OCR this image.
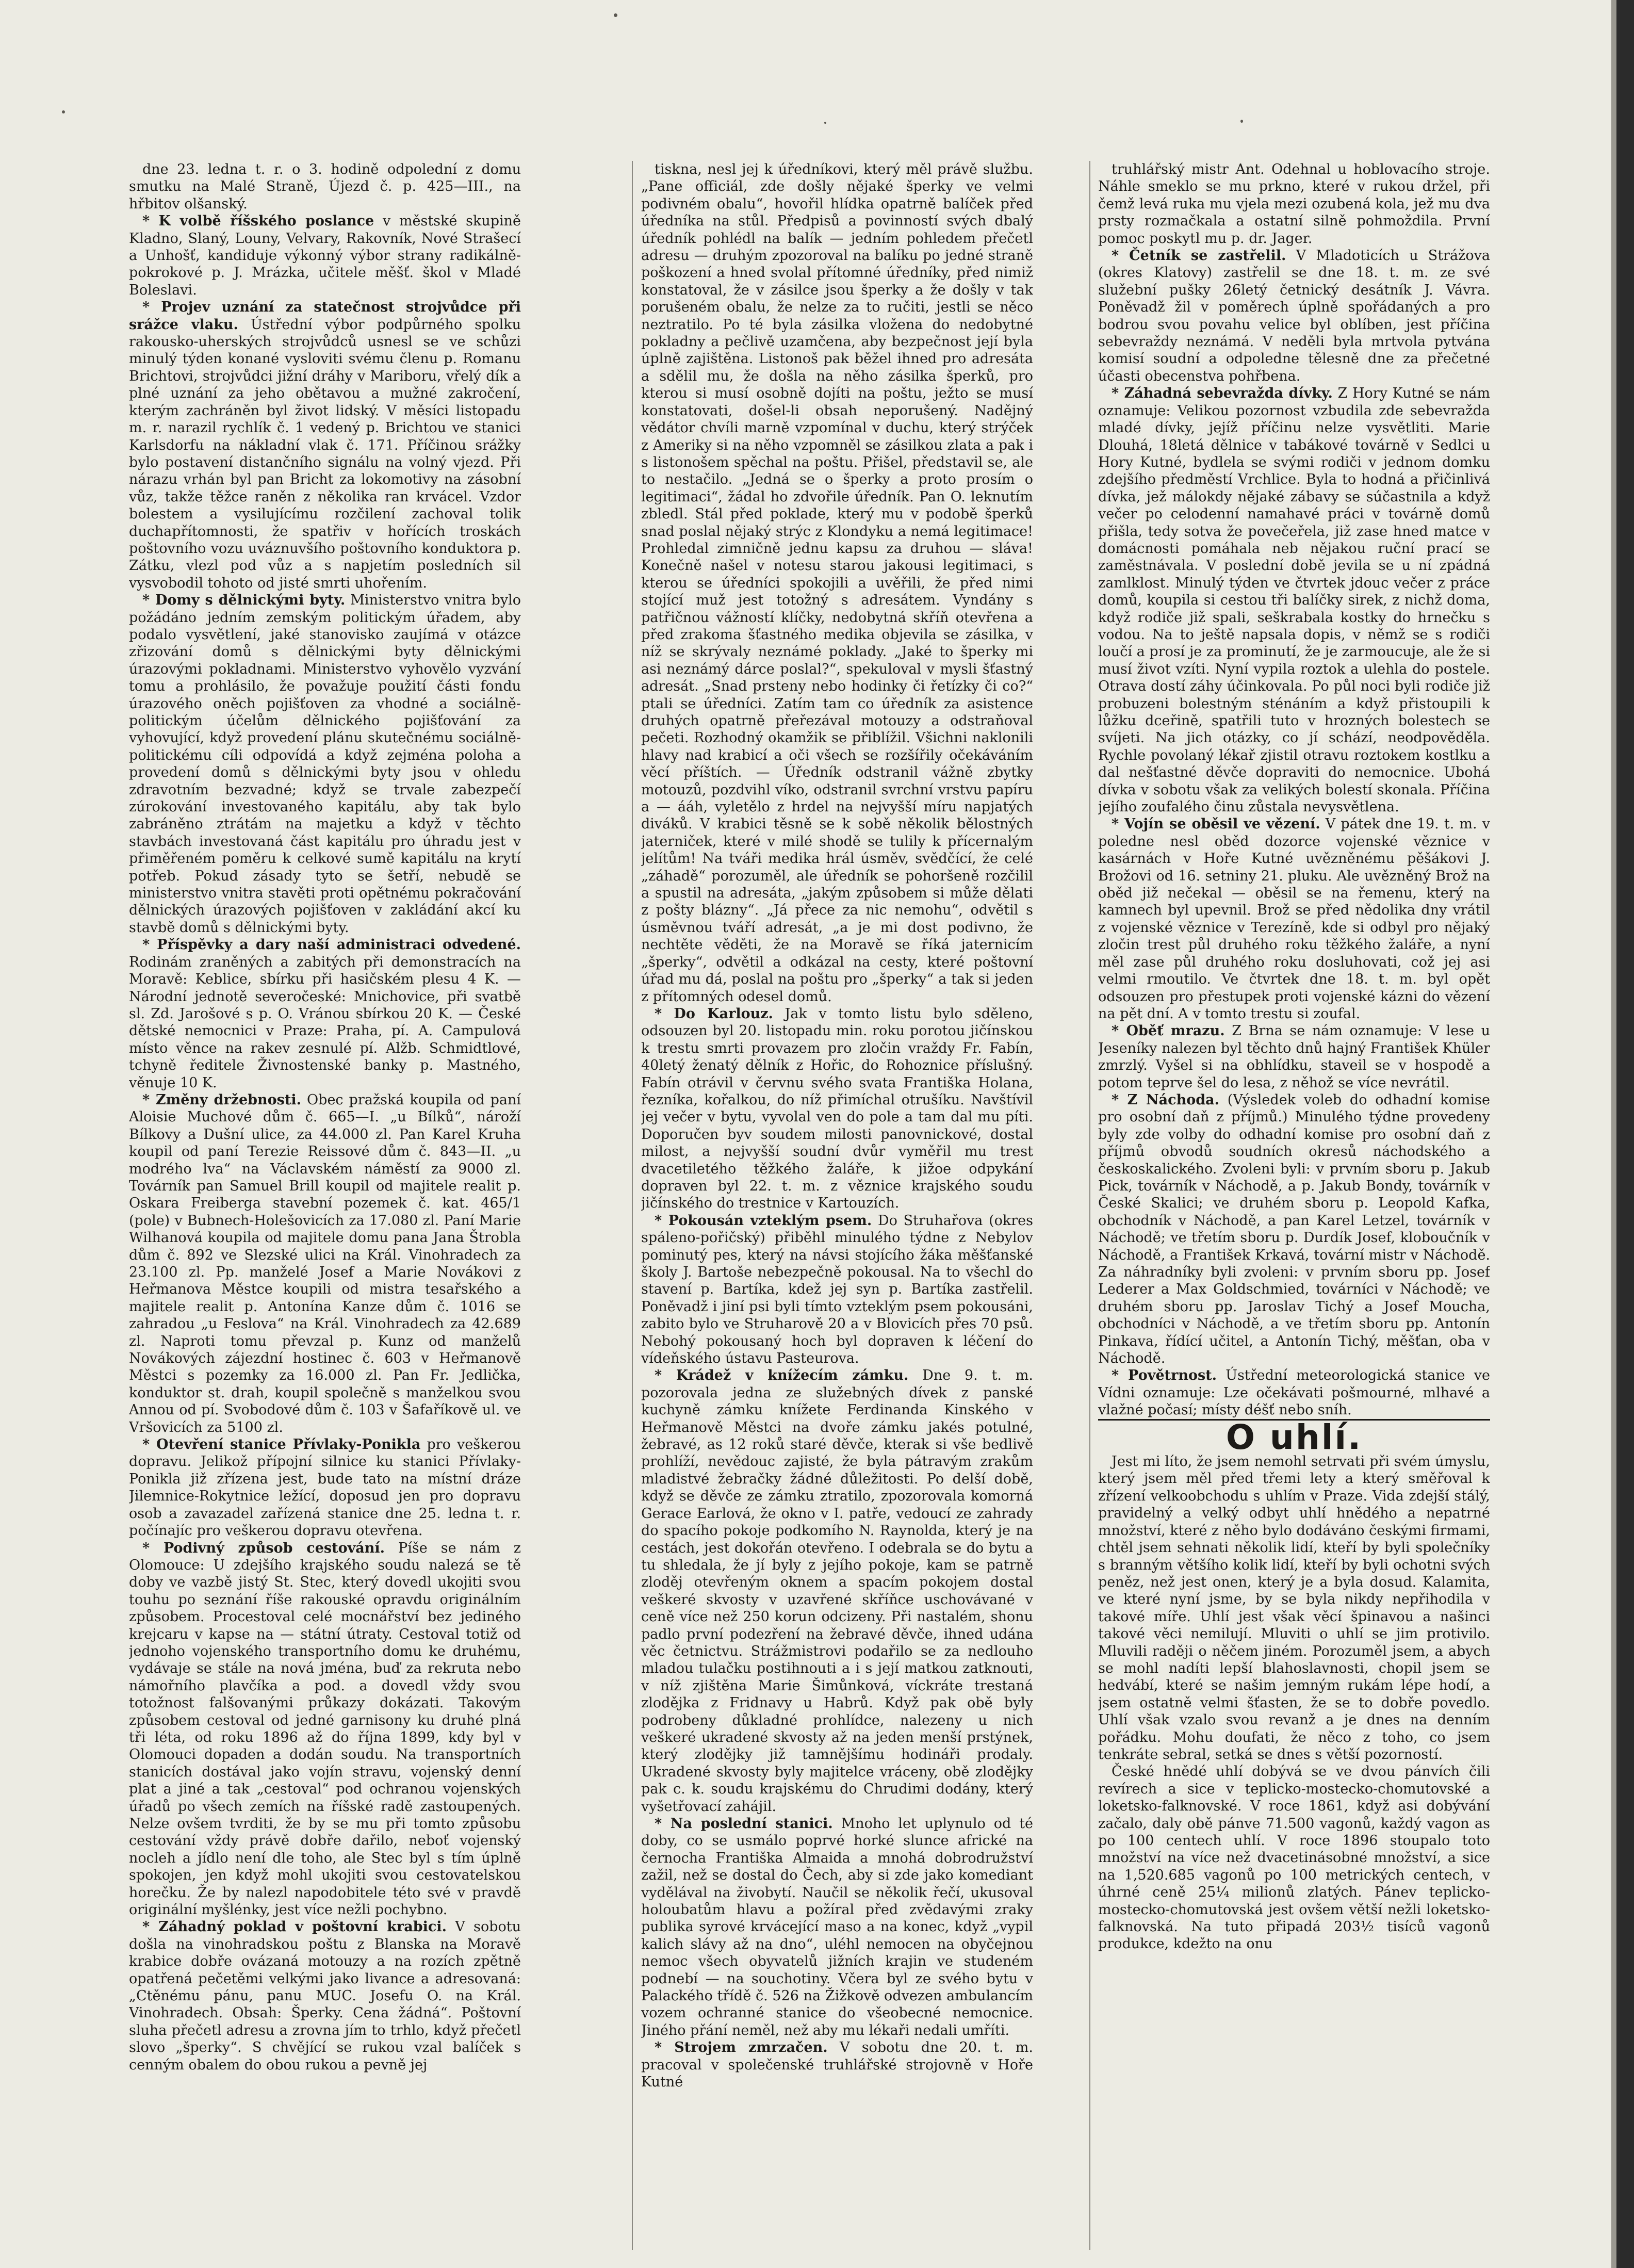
dne 23. ledna t. r. o 3. hodině odpolední z domu smutku na Malé Straně, Újezd č. p. 425—III., na hřbitov olšanský.

* K volbě říšského poslance v městské skupině Kladno, Slaný, Louny, Velvary, Rakovník, Nové Strašecí a Unhošť, kandiduje výkonný výbor strany radikálně-pokrokové p. J. Mrázka, učitele měšť. škol v Mladé Boleslavi.

* Projev uznání za statečnost strojvůdce při srážce vlaku. Ústřední výbor podpůrného spolku rakousko-uherských strojvůdců usnesl se ve schůzi minulý týden konané vysloviti svému členu p. Romanu Brichtovi, strojvůdci jižní dráhy v Mariboru, vřelý dík a plné uznání za jeho obětavou a mužné zakročení, kterým zachráněn byl život lidský. V měsíci listopadu m. r. narazil rychlík č. 1 vedený p. Brichtou ve stanici Karlsdorfu na nákladní vlak č. 171. Příčinou srážky bylo postavení distančního signálu na volný vjezd. Při nárazu vrhán byl pan Bricht za lokomotivy na zásobní vůz, takže těžce raněn z několika ran krvácel. Vzdor bolestem a vysilujícímu rozčilení zachoval tolik duchapřítomnosti, že spatřiv v hořících troskách poštovního vozu uváznuvšího poštovního konduktora p. Zátku, vlezl pod vůz a s napjetím posledních sil vysvobodil tohoto od jisté smrti uhořením.

* Domy s dělnickými byty. Ministerstvo vnitra bylo požádáno jedním zemským politickým úřadem, aby podalo vysvětlení, jaké stanovisko zaujímá v otázce zřizování domů s dělnickými byty dělnickými úrazovými pokladnami. Ministerstvo vyhovělo vyzvání tomu a prohlásilo, že považuje použití části fondu úrazového oněch pojišťoven za vhodné a sociálně-politickým účelům dělnického pojišťování za vyhovující, když provedení plánu skutečnému sociálně-politickému cíli odpovídá a když zejména poloha a provedení domů s dělnickými byty jsou v ohledu zdravotním bezvadné; když se trvale zabezpečí zúrokování investovaného kapitálu, aby tak bylo zabráněno ztrátám na majetku a když v těchto stavbách investovaná část kapitálu pro úhradu jest v přiměřeném poměru k celkové sumě kapitálu na krytí potřeb. Pokud zásady tyto se šetří, nebudě se ministerstvo vnitra stavěti proti opětnému pokračování dělnických úrazových pojišťoven v zakládání akcí ku stavbě domů s dělnickými byty.

* Příspěvky a dary naší administraci odvedené. Rodinám zraněných a zabitých při demonstracích na Moravě: Keblice, sbírku při hasičském plesu 4 K. — Národní jednotě severočeské: Mnichovice, při svatbě sl. Zd. Jarošové s p. O. Vránou sbírkou 20 K. — České dětské nemocnici v Praze: Praha, pí. A. Campulová místo věnce na rakev zesnulé pí. Alžb. Schmidtlové, tchyně ředitele Živnostenské banky p. Mastného, věnuje 10 K.

* Změny držebnosti. Obec pražská koupila od paní Aloisie Muchové dům č. 665—I. „u Bílků“, nároží Bílkovy a Dušní ulice, za 44.000 zl. Pan Karel Kruha koupil od paní Terezie Reissové dům č. 843—II. „u modrého lva“ na Václavském náměstí za 9000 zl. Továrník pan Samuel Brill koupil od majitele realit p. Oskara Freiberga stavební pozemek č. kat. 465/1 (pole) v Bubnech-Holešovicích za 17.080 zl. Paní Marie Wilhanová koupila od majitele domu pana Jana Štrobla dům č. 892 ve Slezské ulici na Král. Vinohradech za 23.100 zl. Pp. manželé Josef a Marie Novákovi z Heřmanova Městce koupili od mistra tesařského a majitele realit p. Antonína Kanze dům č. 1016 se zahradou „u Feslova“ na Král. Vinohradech za 42.689 zl. Naproti tomu převzal p. Kunz od manželů Novákových zájezdní hostinec č. 603 v Heřmanově Městci s pozemky za 16.000 zl. Pan Fr. Jedlička, konduktor st. drah, koupil společně s manželkou svou Annou od pí. Svobodové dům č. 103 v Šafaříkově ul. ve Vršovicích za 5100 zl.

* Otevření stanice Přívlaky-Ponikla pro veškerou dopravu. Jelikož přípojní silnice ku stanici Přívlaky-Ponikla již zřízena jest, bude tato na místní dráze Jilemnice-Rokytnice ležící, doposud jen pro dopravu osob a zavazadel zařízená stanice dne 25. ledna t. r. počínajíc pro veškerou dopravu otevřena.

* Podivný způsob cestování. Píše se nám z Olomouce: U zdejšího krajského soudu nalezá se tě doby ve vazbě jistý St. Stec, který dovedl ukojiti svou touhu po seznání říše rakouské opravdu originálním způsobem. Procestoval celé mocnářství bez jediného krejcaru v kapse na — státní útraty. Cestoval totiž od jednoho vojenského transportního domu ke druhému, vydávaje se stále na nová jména, buď za rekruta nebo námořního plavčíka a pod. a dovedl vždy svou totožnost falšovanými průkazy dokázati. Takovým způsobem cestoval od jedné garnisony ku druhé plná tři léta, od roku 1896 až do října 1899, kdy byl v Olomouci dopaden a dodán soudu. Na transportních stanicích dostával jako vojín stravu, vojenský denní plat a jiné a tak „cestoval“ pod ochranou vojenských úřadů po všech zemích na říšské radě zastoupených. Nelze ovšem tvrditi, že by se mu při tomto způsobu cestování vždy právě dobře dařilo, neboť vojenský nocleh a jídlo není dle toho, ale Stec byl s tím úplně spokojen, jen když mohl ukojiti svou cestovatelskou horečku. Že by nalezl napodobitele této své v pravdě originální myšlénky, jest více nežli pochybno.

* Záhadný poklad v poštovní krabici. V sobotu došla na vinohradskou poštu z Blanska na Moravě krabice dobře ovázaná motouzy a na rozích zpětně opatřená pečetěmi velkými jako livance a adresovaná: „Ctěnému pánu, panu MUC. Josefu O. na Král. Vinohradech. Obsah: Šperky. Cena žádná“. Poštovní sluha přečetl adresu a zrovna jím to trhlo, když přečetl slovo „šperky“. S chvějící se rukou vzal balíček s cenným obalem do obou rukou a pevně jej

tiskna, nesl jej k úředníkovi, který měl právě službu. „Pane officiál, zde došly nějaké šperky ve velmi podivném obalu“, hovořil hlídka opatrně balíček před úředníka na stůl. Předpisů a povinností svých dbalý úředník pohlédl na balík — jedním pohledem přečetl adresu — druhým zpozoroval na balíku po jedné straně poškození a hned svolal přítomné úředníky, před nimiž konstatoval, že v zásilce jsou šperky a že došly v tak porušeném obalu, že nelze za to ručiti, jestli se něco neztratilo. Po té byla zásilka vložena do nedobytné pokladny a pečlivě uzamčena, aby bezpečnost její byla úplně zajištěna. Listonoš pak běžel ihned pro adresáta a sdělil mu, že došla na něho zásilka šperků, pro kterou si musí osobně dojíti na poštu, ježto se musí konstatovati, došel-li obsah neporušený. Nadějný vědátor chvíli marně vzpomínal v duchu, který strýček z Ameriky si na něho vzpomněl se zásilkou zlata a pak i s listonošem spěchal na poštu. Přišel, představil se, ale to nestačilo. „Jedná se o šperky a proto prosím o legitimaci“, žádal ho zdvořile úředník. Pan O. leknutím zbledl. Stál před poklade, který mu v podobě šperků snad poslal nějaký strýc z Klondyku a nemá legitimace! Prohledal zimničně jednu kapsu za druhou — sláva! Konečně našel v notesu starou jakousi legitimaci, s kterou se úředníci spokojili a uvěřili, že před nimi stojící muž jest totožný s adresátem. Vyndány s patřičnou vážností klíčky, nedobytná skříň otevřena a před zrakoma šťastného medika objevila se zásilka, v níž se skrývaly neznámé poklady. „Jaké to šperky mi asi neznámý dárce poslal?“, spekuloval v mysli šťastný adresát. „Snad prsteny nebo hodinky či řetízky či co?“ ptali se úředníci. Zatím tam co úředník za asistence druhých opatrně přeřezával motouzy a odstraňoval pečeti. Rozhodný okamžik se přiblížil. Všichni naklonili hlavy nad krabicí a oči všech se rozšířily očekáváním věcí příštích. — Úředník odstranil vážně zbytky motouzů, pozdvihl víko, odstranil svrchní vrstvu papíru a — ááh, vyletělo z hrdel na nejvyšší míru napjatých diváků. V krabici těsně se k sobě několik bělostných jaterniček, které v milé shodě se tulily k přícernalým jelítům! Na tváři medika hrál úsměv, svědčící, že celé „záhadě“ porozuměl, ale úředník se pohoršeně rozčilil a spustil na adresáta, „jakým způsobem si může dělati z pošty blázny“. „Já přece za nic nemohu“, odvětil s úsměvnou tváří adresát, „a je mi dost podivno, že nechtěte věděti, že na Moravě se říká jaternicím „šperky“, odvětil a odkázal na cesty, které poštovní úřad mu dá, poslal na poštu pro „šperky“ a tak si jeden z přítomných odesel domů.

* Do Karlouz. Jak v tomto listu bylo sděleno, odsouzen byl 20. listopadu min. roku porotou jičínskou k trestu smrti provazem pro zločin vraždy Fr. Fabín, 40letý ženatý dělník z Hořic, do Rohoznice příslušný. Fabín otrávil v červnu svého svata Františka Holana, řezníka, kořalkou, do níž přimíchal otrušíku. Navštívil jej večer v bytu, vyvolal ven do pole a tam dal mu píti. Doporučen byv soudem milosti panovnickové, dostal milost, a nejvyšší soudní dvůr vyměřil mu trest dvacetiletého těžkého žaláře, k jižoe odpykání dopraven byl 22. t. m. z věznice krajského soudu jičínského do trestnice v Kartouzích.

* Pokousán vzteklým psem. Do Struhařova (okres spáleno-pořičský) přiběhl minulého týdne z Nebylov pominutý pes, který na návsi stojícího žáka měšťanské školy J. Bartoše nebezpečně pokousal. Na to všechl do stavení p. Bartíka, kdež jej syn p. Bartíka zastřelil. Poněvadž i jiní psi byli tímto vzteklým psem pokousáni, zabito bylo ve Struharově 20 a v Blovicích přes 70 psů. Nebohý pokousaný hoch byl dopraven k léčení do vídeňského ústavu Pasteurova.

* Krádež v knížecím zámku. Dne 9. t. m. pozorovala jedna ze služebných dívek z panské kuchyně zámku knížete Ferdinanda Kinského v Heřmanově Městci na dvoře zámku jakés potulné, žebravé, as 12 roků staré děvče, kterak si vše bedlivě prohlíží, nevědouc zajisté, že byla pátravým zrakům mladistvé žebračky žádné důležitosti. Po delší době, když se děvče ze zámku ztratilo, zpozorovala komorná Gerace Earlová, že okno v I. patře, vedoucí ze zahrady do spacího pokoje podkomího N. Raynolda, který je na cestách, jest dokořán otevřeno. I odebrala se do bytu a tu shledala, že jí byly z jejího pokoje, kam se patrně zloděj otevřeným oknem a spacím pokojem dostal veškeré skvosty v uzavřené skříňce uschovávané v ceně více než 250 korun odcizeny. Při nastalém, shonu padlo první podezření na žebravé děvče, ihned udána věc četnictvu. Strážmistrovi podařilo se za nedlouho mladou tulačku postihnouti a i s její matkou zatknouti, v níž zjištěna Marie Šimůnková, víckráte trestaná zlodějka z Fridnavy u Habrů. Když pak obě byly podrobeny důkladné prohlídce, nalezeny u nich veškeré ukradené skvosty až na jeden menší prstýnek, který zlodějky již tamnějšímu hodináři prodaly. Ukradené skvosty byly majitelce vráceny, obě zlodějky pak c. k. soudu krajskému do Chrudimi dodány, který vyšetřovací zahájil.

* Na poslední stanici. Mnoho let uplynulo od té doby, co se usmálo poprvé horké slunce africké na černocha Františka Almaida a mnohá dobrodružství zažil, než se dostal do Čech, aby si zde jako komediant vydělával na živobytí. Naučil se několik řečí, ukusoval holoubatům hlavu a požíral před zvědavými zraky publika syrové krvácející maso a na konec, když „vypil kalich slávy až na dno“, uléhl nemocen na obyčejnou nemoc všech obyvatelů jižních krajin ve studeném podnebí — na souchotiny. Včera byl ze svého bytu v Palackého třídě č. 526 na Žižkově odvezen ambulancím vozem ochranné stanice do všeobecné nemocnice. Jiného přání neměl, než aby mu lékaři nedali umříti.

* Strojem zmrzačen. V sobotu dne 20. t. m. pracoval v společenské truhlářské strojovně v Hoře Kutné

truhlářský mistr Ant. Odehnal u hoblovacího stroje. Náhle smeklo se mu prkno, které v rukou držel, při čemž levá ruka mu vjela mezi ozubená kola, jež mu dva prsty rozmačkala a ostatní silně pohmoždila. První pomoc poskytl mu p. dr. Jager.

* Četník se zastřelil. V Mladoticích u Strážova (okres Klatovy) zastřelil se dne 18. t. m. ze své služební pušky 26letý četnický desátník J. Vávra. Poněvadž žil v poměrech úplně spořádaných a pro bodrou svou povahu velice byl oblíben, jest příčina sebevraždy neznámá. V neděli byla mrtvola pytvána komisí soudní a odpoledne tělesně dne za přečetné účasti obecenstva pohřbena.

* Záhadná sebevražda dívky. Z Hory Kutné se nám oznamuje: Velikou pozornost vzbudila zde sebevražda mladé dívky, jejíž příčinu nelze vysvětliti. Marie Dlouhá, 18letá dělnice v tabákové továrně v Sedlci u Hory Kutné, bydlela se svými rodiči v jednom domku zdejšího předměstí Vrchlice. Byla to hodná a přičinlivá dívka, jež málokdy nějaké zábavy se súčastnila a když večer po celodenní namahavé práci v továrně domů přišla, tedy sotva že povečeřela, již zase hned matce v domácnosti pomáhala neb nějakou ruční prací se zaměstnávala. V poslední době jevila se u ní zpádná zamlklost. Minulý týden ve čtvrtek jdouc večer z práce domů, koupila si cestou tři balíčky sirek, z nichž doma, když rodiče již spali, seškrabala kostky do hrnečku s vodou. Na to ještě napsala dopis, v němž se s rodiči loučí a prosí je za prominutí, že je zarmoucuje, ale že si musí život vzíti. Nyní vypila roztok a ulehla do postele. Otrava dostí záhy účinkovala. Po půl noci byli rodiče již probuzeni bolestným sténáním a když přistoupili k lůžku dceřině, spatřili tuto v hrozných bolestech se svíjeti. Na jich otázky, co jí schází, neodpověděla. Rychle povolaný lékař zjistil otravu roztokem kostlku a dal nešťastné děvče dopraviti do nemocnice. Ubohá dívka v sobotu však za velikých bolestí skonala. Příčina jejího zoufalého činu zůstala nevysvětlena.

* Vojín se oběsil ve vězení. V pátek dne 19. t. m. v poledne nesl oběd dozorce vojenské věznice v kasárnách v Hoře Kutné uvězněnému pěšákovi J. Brožovi od 16. setniny 21. pluku. Ale uvězněný Brož na oběd již nečekal — oběsil se na řemenu, který na kamnech byl upevnil. Brož se před nědolika dny vrátil z vojenské věznice v Terezíně, kde si odbyl pro nějaký zločin trest půl druhého roku těžkého žaláře, a nyní měl zase půl druhého roku dosluhovati, což jej asi velmi rmoutilo. Ve čtvrtek dne 18. t. m. byl opět odsouzen pro přestupek proti vojenské kázni do vězení na pět dní. A v tomto trestu si zoufal.

* Oběť mrazu. Z Brna se nám oznamuje: V lese u Jeseníky nalezen byl těchto dnů hajný František Khüler zmrzlý. Vyšel si na obhlídku, staveil se v hospodě a potom teprve šel do lesa, z něhož se více nevrátil.

* Z Náchoda. (Výsledek voleb do odhadní komise pro osobní daň z příjmů.) Minulého týdne provedeny byly zde volby do odhadní komise pro osobní daň z příjmů obvodů soudních okresů náchodského a českoskalického. Zvoleni byli: v prvním sboru p. Jakub Pick, továrník v Náchodě, a p. Jakub Bondy, továrník v České Skalici; ve druhém sboru p. Leopold Kafka, obchodník v Náchodě, a pan Karel Letzel, továrník v Náchodě; ve třetím sboru p. Durdík Josef, kloboučník v Náchodě, a František Krkavá, tovární mistr v Náchodě. Za náhradníky byli zvoleni: v prvním sboru pp. Josef Lederer a Max Goldschmied, továrníci v Náchodě; ve druhém sboru pp. Jaroslav Tichý a Josef Moucha, obchodníci v Náchodě, a ve třetím sboru pp. Antonín Pinkava, řídící učitel, a Antonín Tichý, měšťan, oba v Náchodě.

* Povětrnost. Ústřední meteorologická stanice ve Vídni oznamuje: Lze očekávati pošmourné, mlhavé a vlažné počasí; místy déšť nebo sníh.

O uhlí.

Jest mi líto, že jsem nemohl setrvati při svém úmyslu, který jsem měl před třemi lety a který směřoval k zřízení velkoobchodu s uhlím v Praze. Vida zdejší stálý, pravidelný a velký odbyt uhlí hnědého a nepatrné množství, které z něho bylo dodáváno českými firmami, chtěl jsem sehnati několik lidí, kteří by byli společníky s branným většího kolik lidí, kteří by byli ochotni svých peněz, než jest onen, který je a byla dosud. Kalamita, ve které nyní jsme, by se byla nikdy nepřihodila v takové míře. Uhlí jest však věcí špinavou a našinci takové věci nemilují. Mluviti o uhlí se jim protivilo. Mluvili raději o něčem jiném. Porozuměl jsem, a abych se mohl nadíti lepší blahoslavnosti, chopil jsem se hedvábí, které se našim jemným rukám lépe hodí, a jsem ostatně velmi šťasten, že se to dobře povedlo. Uhlí však vzalo svou revanž a je dnes na denním pořádku. Mohu doufati, že něco z toho, co jsem tenkráte sebral, setká se dnes s větší pozorností.

České hnědé uhlí dobývá se ve dvou pánvích čili revírech a sice v teplicko-mostecko-chomutovské a loketsko-falknovské. V roce 1861, když asi dobývání začalo, daly obě pánve 71.500 vagonů, každý vagon as po 100 centech uhlí. V roce 1896 stoupalo toto množství na více než dvacetinásobné množství, a sice na 1,520.685 vagonů po 100 metrických centech, v úhrné ceně 25¼ milionů zlatých. Pánev teplicko-mostecko-chomutovská jest ovšem větší nežli loketsko-falknovská. Na tuto připadá 203½ tisíců vagonů produkce, kdežto na onu
